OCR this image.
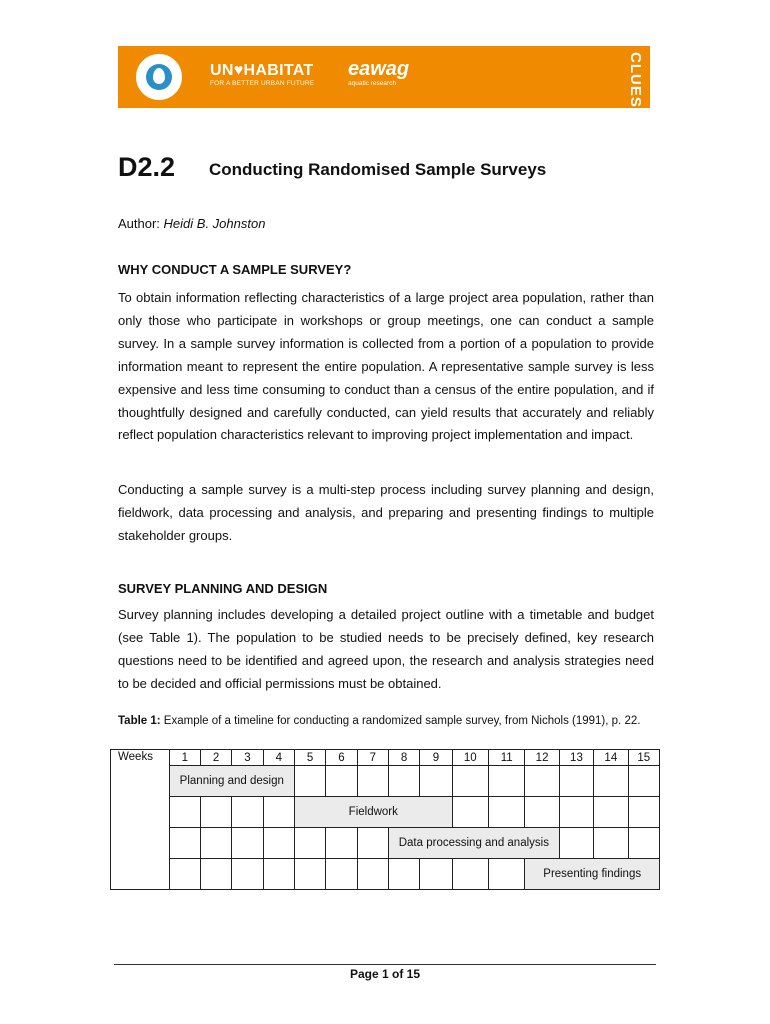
UN♥HABITAT
FOR A BETTER URBAN FUTURE
eawag
aquatic research	CLUES
D2.2 Conducting Randomised Sample Surveys
Author: Heidi B. Johnston
WHY CONDUCT A SAMPLE SURVEY?

To obtain information reflecting characteristics of a large project area population, rather than only those who participate in workshops or group meetings, one can conduct a sample survey. In a sample survey information is collected from a portion of a population to provide information meant to represent the entire population. A representative sample survey is less expensive and less time consuming to conduct than a census of the entire population, and if thoughtfully designed and carefully conducted, can yield results that accurately and reliably reflect population characteristics relevant to improving project implementation and impact.

Conducting a sample survey is a multi-step process including survey planning and design, fieldwork, data processing and analysis, and preparing and presenting findings to multiple stakeholder groups.

SURVEY PLANNING AND DESIGN

Survey planning includes developing a detailed project outline with a timetable and budget (see Table 1). The population to be studied needs to be precisely defined, key research questions need to be identified and agreed upon, the research and analysis strategies need to be decided and official permissions must be obtained.

Table 1: Example of a timeline for conducting a randomized sample survey, from Nichols (1991), p. 22.
Weeks	1	2	3	4	5	6	7	8	9	10	11	12	13	14	15
	Planning and design														
					Fieldwork										
								Data processing and analysis							
												Presenting findings			
Page 1 of 15
